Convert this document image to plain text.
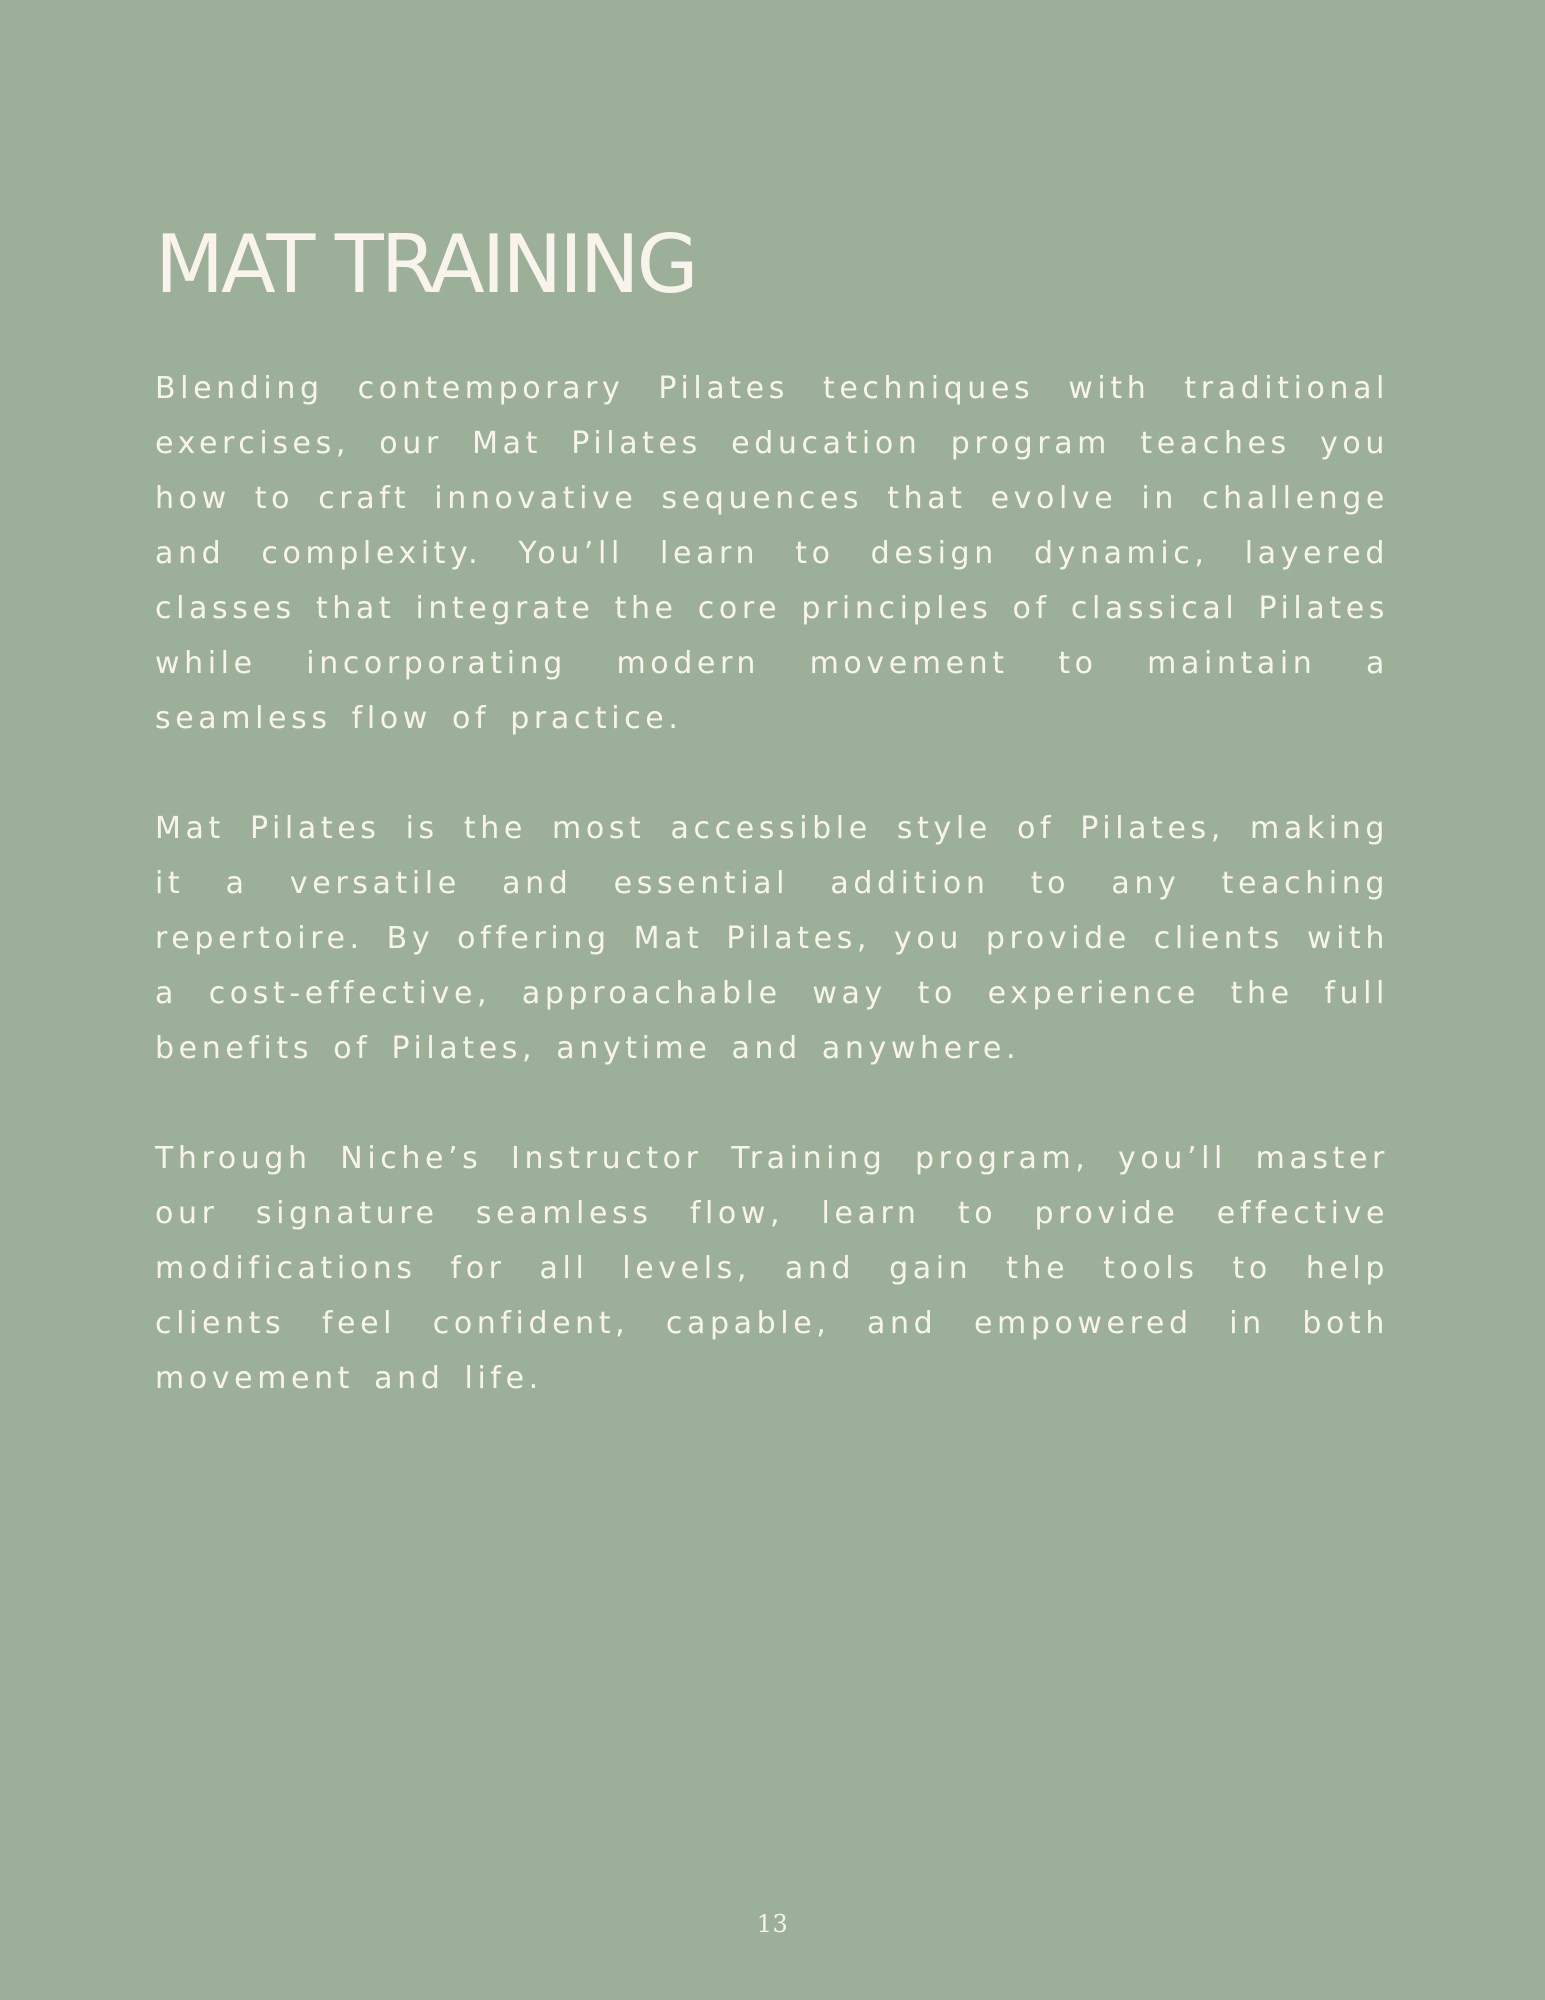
MAT TRAINING

Blending contemporary Pilates techniques with traditional exercises, our Mat Pilates education program teaches you how to craft innovative sequences that evolve in challenge and complexity. You’ll learn to design dynamic, layered classes that integrate the core principles of classical Pilates while incorporating modern movement to maintain a seamless flow of practice.

Mat Pilates is the most accessible style of Pilates, making it a versatile and essential addition to any teaching repertoire. By offering Mat Pilates, you provide clients with a cost-effective, approachable way to experience the full benefits of Pilates, anytime and anywhere.

Through Niche’s Instructor Training program, you’ll master our signature seamless flow, learn to provide effective modifications for all levels, and gain the tools to help clients feel confident, capable, and empowered in both movement and life.

13
